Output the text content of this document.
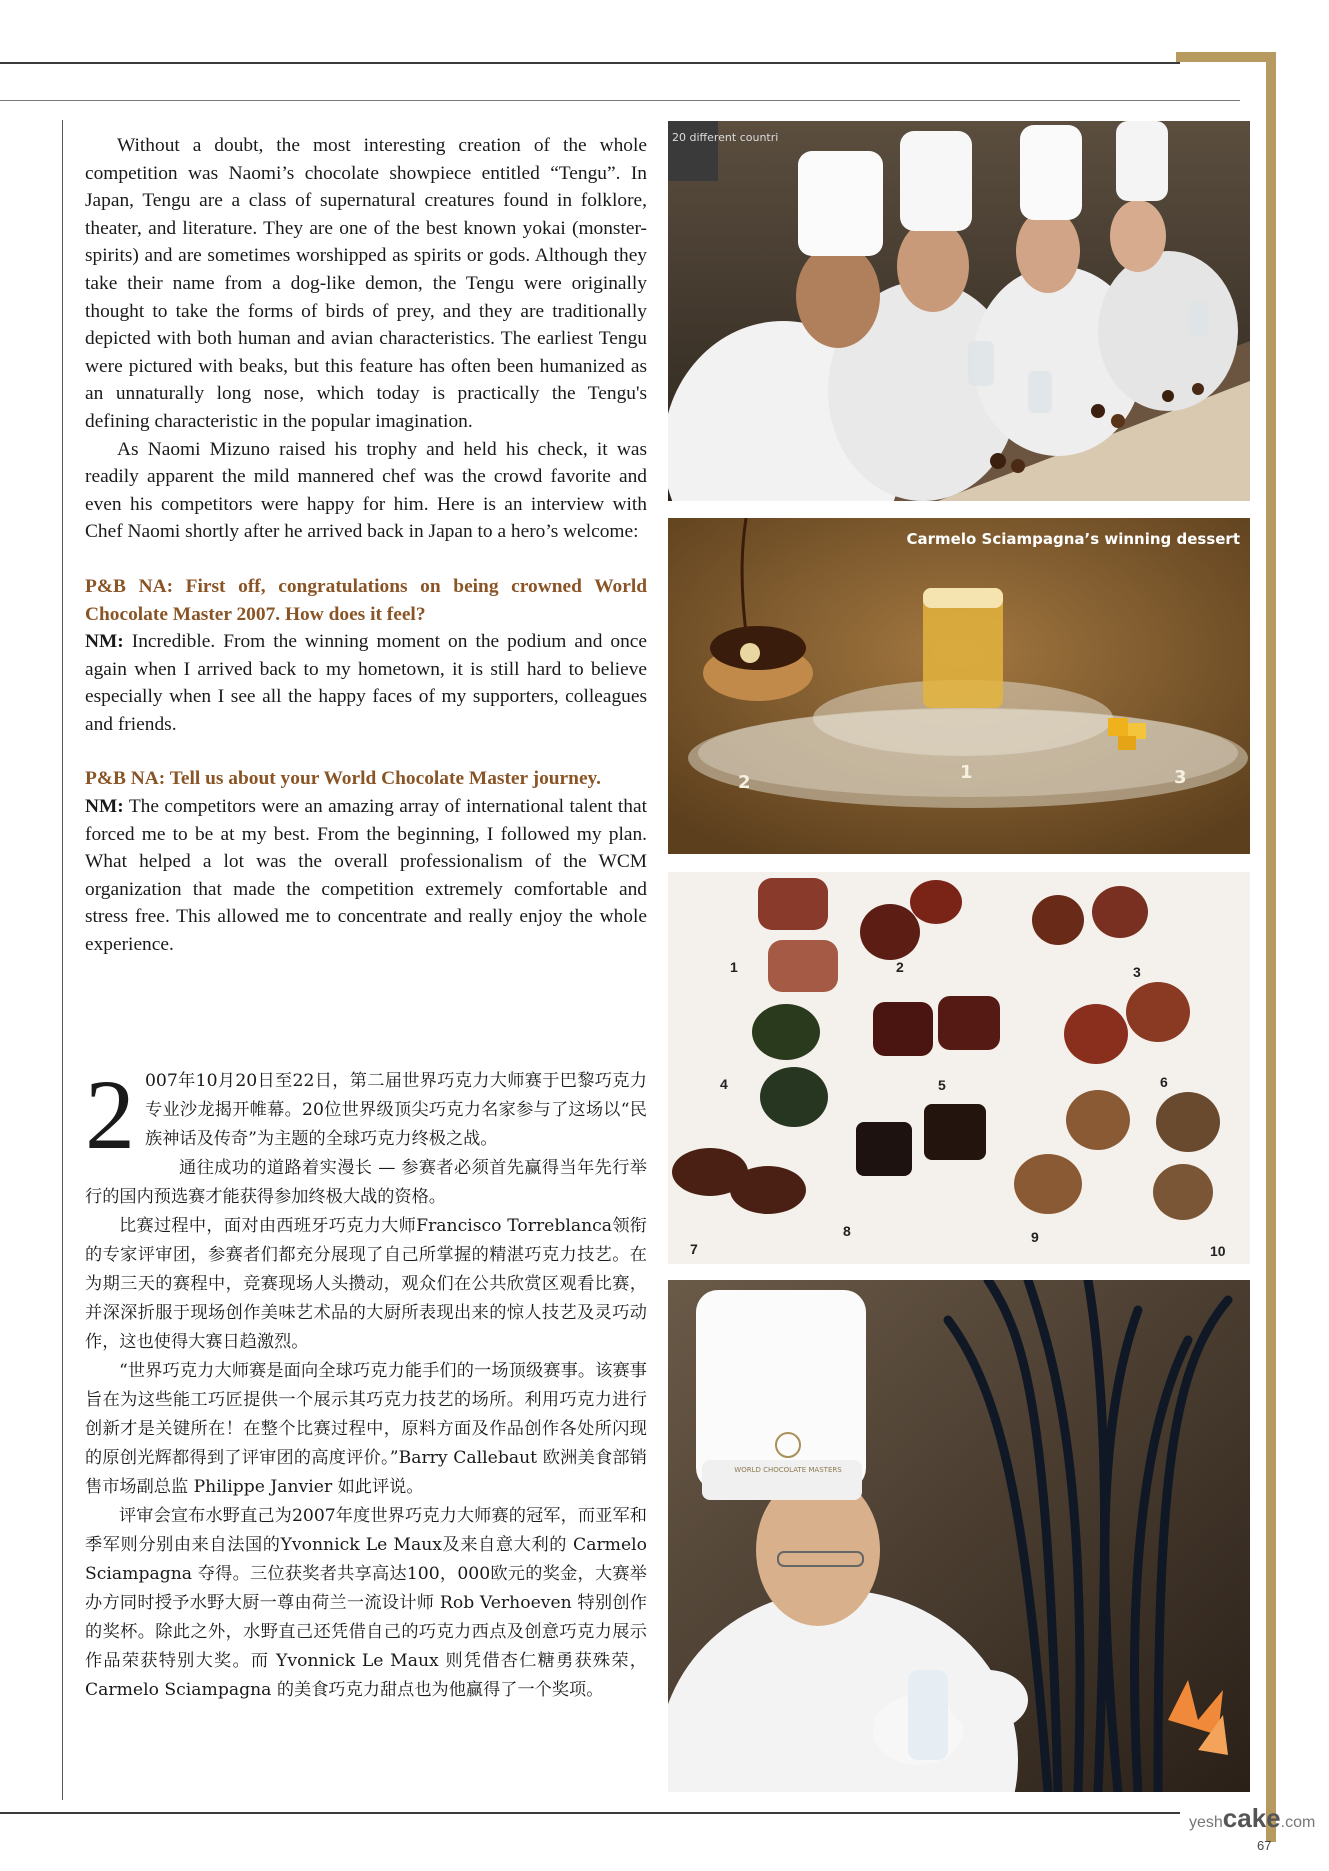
Without a doubt, the most interesting creation of the whole competition was Naomi’s chocolate showpiece entitled “Tengu”. In Japan, Tengu are a class of supernatural creatures found in folklore, theater, and literature. They are one of the best known yokai (monster-spirits) and are sometimes worshipped as spirits or gods. Although they take their name from a dog-like demon, the Tengu were originally thought to take the forms of birds of prey, and they are traditionally depicted with both human and avian characteristics. The earliest Tengu were pictured with beaks, but this feature has often been humanized as an unnaturally long nose, which today is practically the Tengu's defining characteristic in the popular imagination.

As Naomi Mizuno raised his trophy and held his check, it was readily apparent the mild mannered chef was the crowd favorite and even his competitors were happy for him. Here is an interview with Chef Naomi shortly after he arrived back in Japan to a hero’s welcome:

P&B NA: First off, congratulations on being crowned World Chocolate Master 2007. How does it feel?
NM: Incredible. From the winning moment on the podium and once again when I arrived back to my hometown, it is still hard to believe especially when I see all the happy faces of my supporters, colleagues and friends.
P&B NA: Tell us about your World Chocolate Master journey.
NM: The competitors were an amazing array of international talent that forced me to be at my best. From the beginning, I followed my plan. What helped a lot was the overall professionalism of the WCM organization that made the competition extremely comfortable and stress free. This allowed me to concentrate and really enjoy the whole experience.

2 007年10月20日至22日，第二届世界巧克力大师赛于巴黎巧克力专业沙龙揭开帷幕。20位世界级顶尖巧克力名家参与了这场以“民族神话及传奇”为主题的全球巧克力终极之战。

通往成功的道路着实漫长 — 参赛者必须首先赢得当年先行举行的国内预选赛才能获得参加终极大战的资格。

比赛过程中，面对由西班牙巧克力大师Francisco Torreblanca领衔的专家评审团，参赛者们都充分展现了自己所掌握的精湛巧克力技艺。在为期三天的赛程中，竞赛现场人头攒动，观众们在公共欣赏区观看比赛，并深深折服于现场创作美味艺术品的大厨所表现出来的惊人技艺及灵巧动作，这也使得大赛日趋激烈。

“世界巧克力大师赛是面向全球巧克力能手们的一场顶级赛事。该赛事旨在为这些能工巧匠提供一个展示其巧克力技艺的场所。利用巧克力进行创新才是关键所在！在整个比赛过程中，原料方面及作品创作各处所闪现的原创光辉都得到了评审团的高度评价。”Barry Callebaut 欧洲美食部销售市场副总监 Philippe Janvier 如此评说。

评审会宣布水野直己为2007年度世界巧克力大师赛的冠军，而亚军和季军则分别由来自法国的Yvonnick Le Maux及来自意大利的 Carmelo Sciampagna 夺得。三位获奖者共享高达100，000欧元的奖金，大赛举办方同时授予水野大厨一尊由荷兰一流设计师 Rob Verhoeven 特别创作的奖杯。除此之外，水野直己还凭借自己的巧克力西点及创意巧克力展示作品荣获特别大奖。而 Yvonnick Le Maux 则凭借杏仁糖勇获殊荣，Carmelo Sciampagna 的美食巧克力甜点也为他赢得了一个奖项。

20 different countri
2	1	3
Carmelo Sciampagna’s winning dessert
1	2	3
4	5	6
7
8	9
10
WORLD CHOCOLATE MASTERS
yeshcake.com
67
